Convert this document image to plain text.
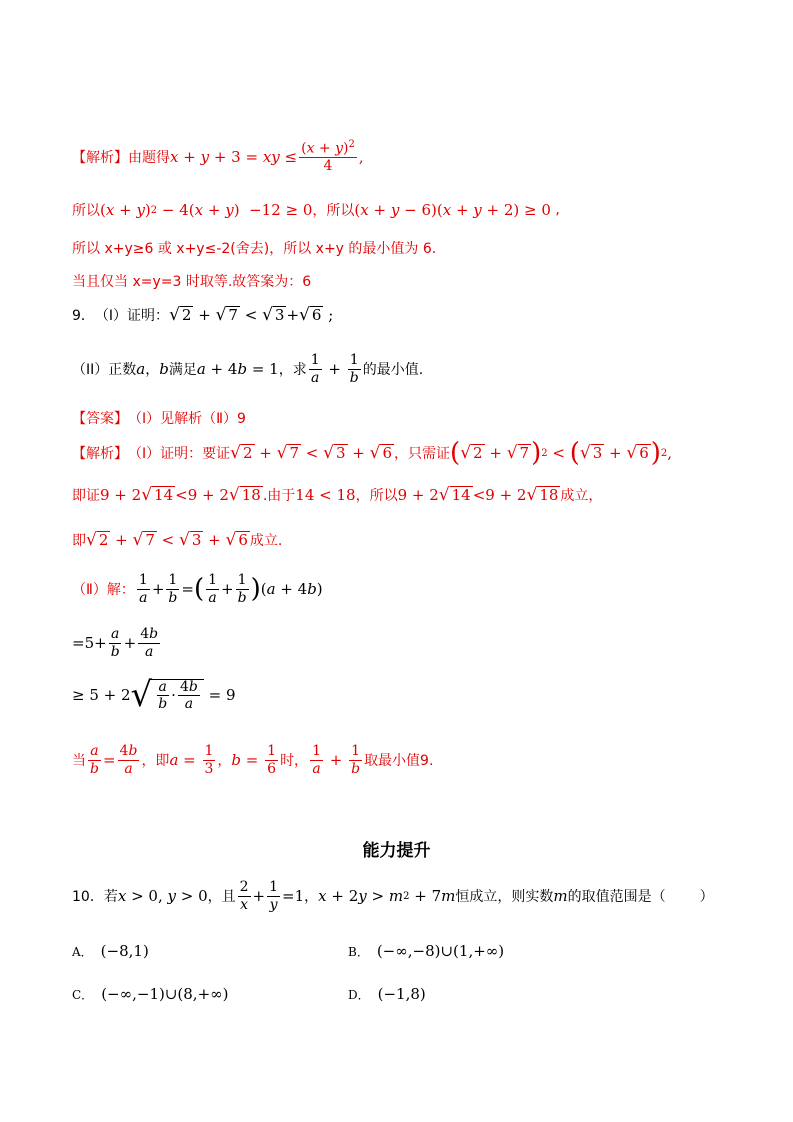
【解析】 由题得 x + y + 3 = xy ≤ $\frac{(x + y)^2}{4}$ ,
所以 ( x + y ) 2 − 4( x + y )  −12 ≥ 0 ，所以 ( x + y − 6)( x + y + 2) ≥ 0 ,
所以 x+y≥6 或 x+y≤-2(舍去)，所以 x+y 的最小值为 6.
当且仅当 x=y=3 时取等.故答案为：6
9． （I）证明： √ 2 + √ 7 < √ 3 + √ 6 ;
（II）正数 a ， b 满足 a + 4 b = 1 ，求 $\frac{1}{a} + \frac{1}{b}$ 的最小值.
【答案】 （Ⅰ）见解析（Ⅱ）9
【解析】 （Ⅰ）证明：要证 √ 2 + √ 7 < √ 3 + √ 6 ，只需证 ( √ 2 + √ 7 ) 2 < ( √ 3 + √ 6 ) 2 ,
即证 9 + 2 √ 14 <9 + 2 √ 18 .由于 14 < 18 ，所以 9 + 2 √ 14 <9 + 2 √ 18 成立，
即 √ 2 + √ 7 < √ 3 + √ 6 成立.
（Ⅱ）解： $\frac{1}{a} + \frac{1}{b}$ = ( $\frac{1}{a} + \frac{1}{b}$ ) ( a + 4 b )
$=5+ \frac{a}{b} + \frac{4b}{a}$
≥ 5 + 2 √ $\frac{a}{b} \cdot \frac{4b}{a} = 9$
当 $\frac{a}{b} = \frac{4b}{a}$ ，即 $a = \frac{1}{3}$ ， $b = \frac{1}{6}$ 时， $\frac{1}{a} + \frac{1}{b}$ 取最小值9.
能力提升
10．若 x > 0, y > 0 ，且 $\frac{2}{x} + \frac{1}{y} =1$ ， x + 2 y > m 2 + 7 m 恒成立，则实数 m 的取值范围是（ ）
A． (−8,1)	B． (−∞,−8)∪(1,+∞)
C． (−∞,−1)∪(8,+∞)	D． (−1,8)
